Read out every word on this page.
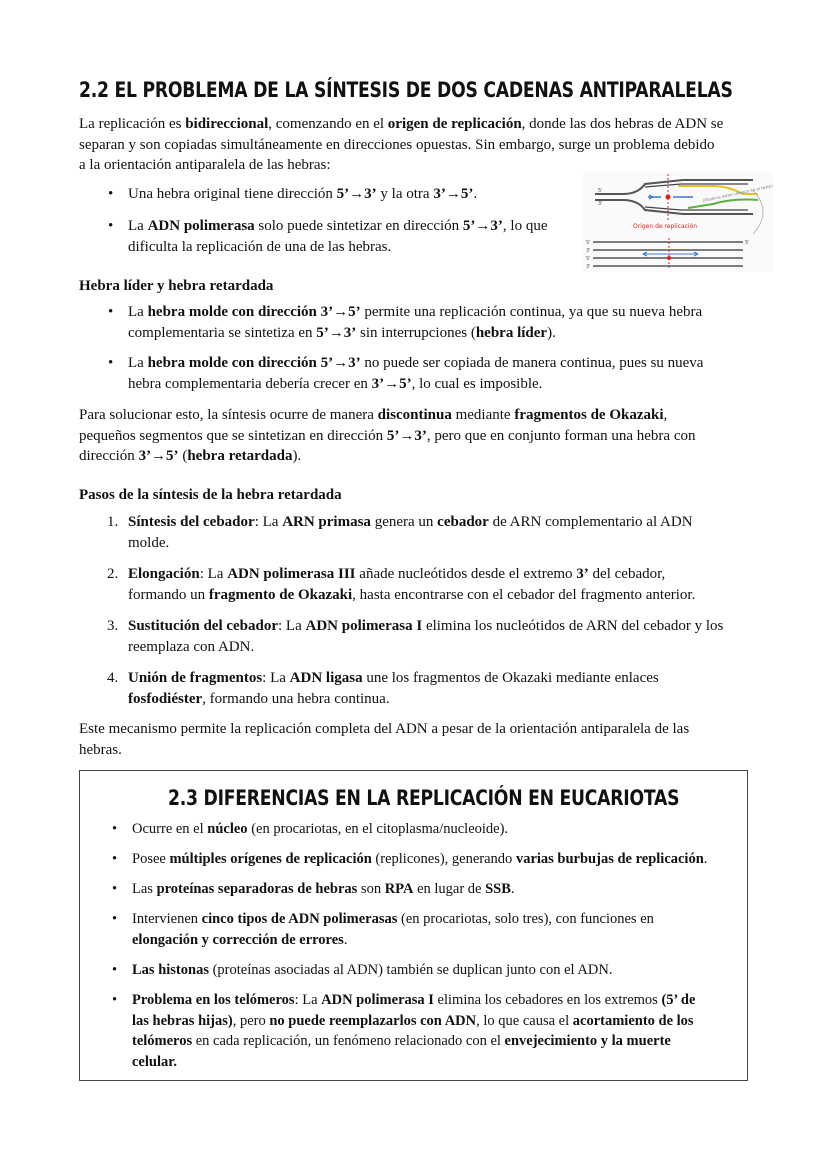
2.2 EL PROBLEMA DE LA SÍNTESIS DE DOS CADENAS ANTIPARALELAS

La replicación es bidireccional, comenzando en el origen de replicación, donde las dos hebras de ADN se
separan y son copiadas simultáneamente en direcciones opuestas. Sin embargo, surge un problema debido
a la orientación antiparalela de las hebras:

• Una hebra original tiene dirección 5’→3’ y la otra 3’→5’.

• La ADN polimerasa solo puede sintetizar en dirección 5’→3’, lo que
dificulta la replicación de una de las hebras.

5'
3'
(Observa estas cebraco en el texto)
Origen de replicación
5'
3'
5'
3'
5'

Hebra líder y hebra retardada

• La hebra molde con dirección 3’→5’ permite una replicación continua, ya que su nueva hebra
complementaria se sintetiza en 5’→3’ sin interrupciones (hebra líder).

• La hebra molde con dirección 5’→3’ no puede ser copiada de manera continua, pues su nueva
hebra complementaria debería crecer en 3’→5’, lo cual es imposible.

Para solucionar esto, la síntesis ocurre de manera discontinua mediante fragmentos de Okazaki,
pequeños segmentos que se sintetizan en dirección 5’→3’, pero que en conjunto forman una hebra con
dirección 3’→5’ (hebra retardada).

Pasos de la síntesis de la hebra retardada

1. Síntesis del cebador: La ARN primasa genera un cebador de ARN complementario al ADN
molde.

2. Elongación: La ADN polimerasa III añade nucleótidos desde el extremo 3’ del cebador,
formando un fragmento de Okazaki, hasta encontrarse con el cebador del fragmento anterior.

3. Sustitución del cebador: La ADN polimerasa I elimina los nucleótidos de ARN del cebador y los
reemplaza con ADN.

4. Unión de fragmentos: La ADN ligasa une los fragmentos de Okazaki mediante enlaces
fosfodiéster, formando una hebra continua.

Este mecanismo permite la replicación completa del ADN a pesar de la orientación antiparalela de las
hebras.

2.3 DIFERENCIAS EN LA REPLICACIÓN EN EUCARIOTAS

• Ocurre en el núcleo (en procariotas, en el citoplasma/nucleoide).

• Posee múltiples orígenes de replicación (replicones), generando varias burbujas de replicación.

• Las proteínas separadoras de hebras son RPA en lugar de SSB.

• Intervienen cinco tipos de ADN polimerasas (en procariotas, solo tres), con funciones en
elongación y corrección de errores.

• Las histonas (proteínas asociadas al ADN) también se duplican junto con el ADN.

• Problema en los telómeros: La ADN polimerasa I elimina los cebadores en los extremos (5’ de
las hebras hijas), pero no puede reemplazarlos con ADN, lo que causa el acortamiento de los
telómeros en cada replicación, un fenómeno relacionado con el envejecimiento y la muerte
celular.
